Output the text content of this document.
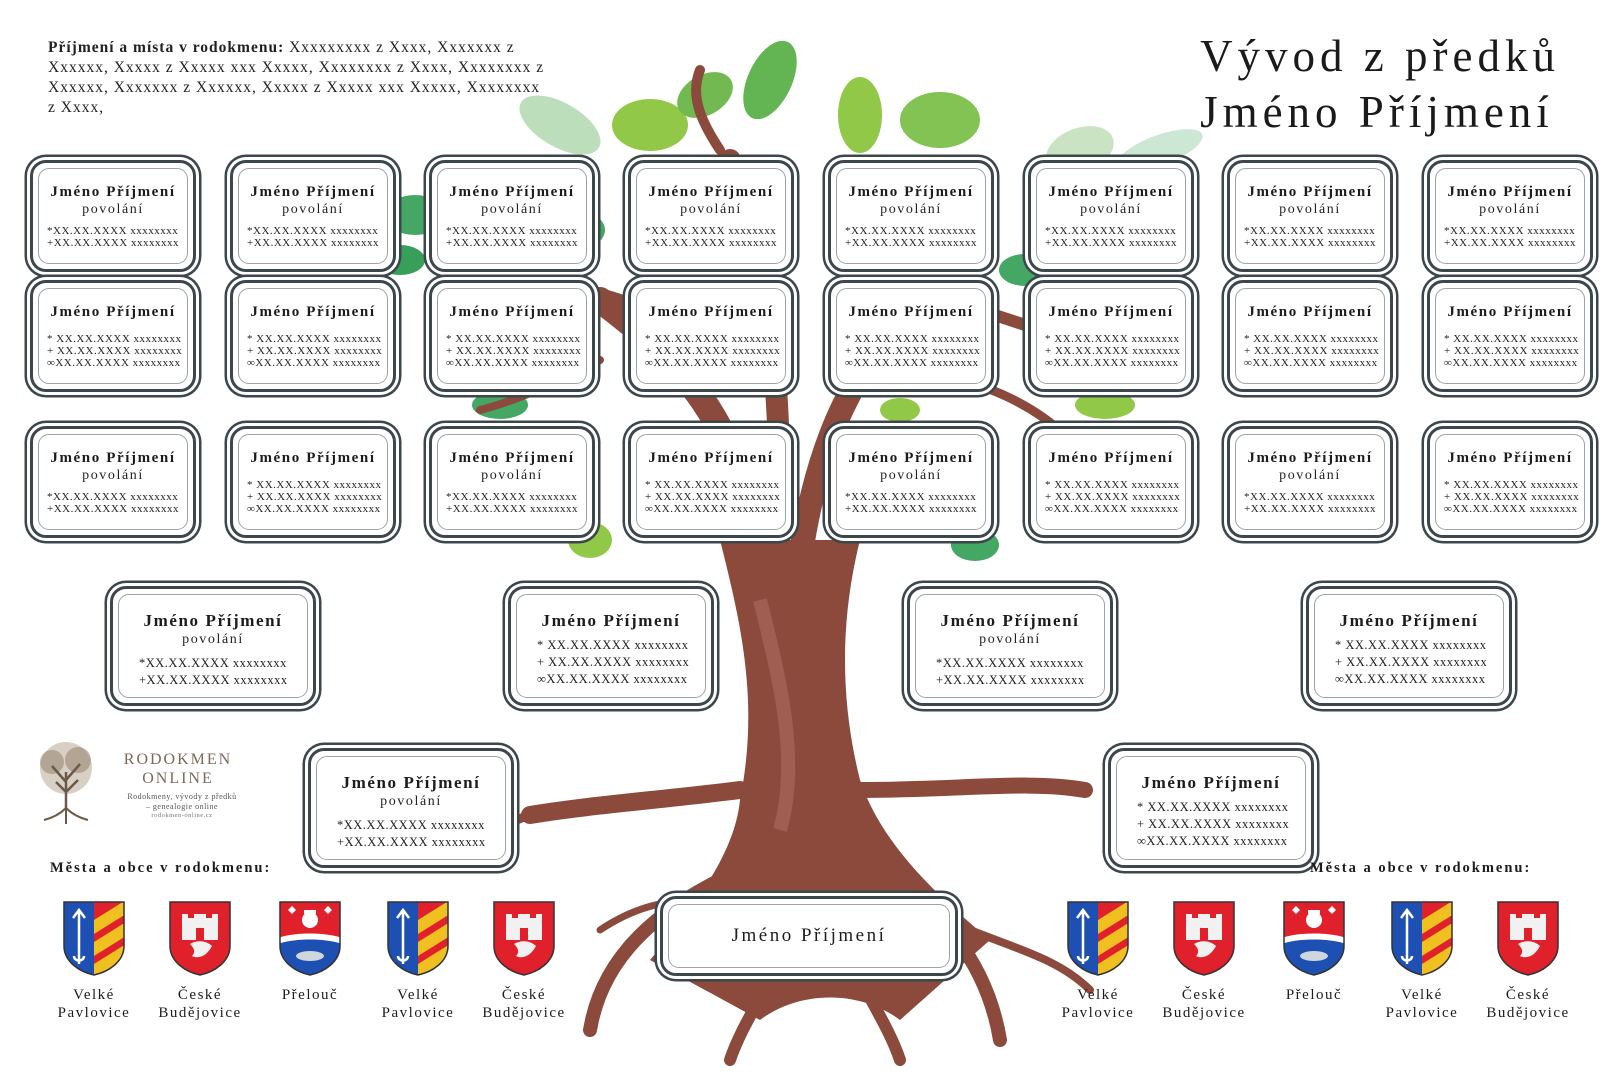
Vývod z předků
Jméno Příjmení
Příjmení a místa v rodokmenu: Xxxxxxxxx z Xxxx, Xxxxxxx z Xxxxxx, Xxxxx z Xxxxx xxx Xxxxx, Xxxxxxxx z Xxxx, Xxxxxxxx z Xxxxxx, Xxxxxxx z Xxxxxx, Xxxxx z Xxxxx xxx Xxxxx, Xxxxxxxx z Xxxx,
Jméno Příjmení
povolání
*XX.XX.XXXX xxxxxxxx
+XX.XX.XXXX xxxxxxxx
Jméno Příjmení
povolání
*XX.XX.XXXX xxxxxxxx
+XX.XX.XXXX xxxxxxxx
Jméno Příjmení
povolání
*XX.XX.XXXX xxxxxxxx
+XX.XX.XXXX xxxxxxxx
Jméno Příjmení
povolání
*XX.XX.XXXX xxxxxxxx
+XX.XX.XXXX xxxxxxxx
Jméno Příjmení
povolání
*XX.XX.XXXX xxxxxxxx
+XX.XX.XXXX xxxxxxxx
Jméno Příjmení
povolání
*XX.XX.XXXX xxxxxxxx
+XX.XX.XXXX xxxxxxxx
Jméno Příjmení
povolání
*XX.XX.XXXX xxxxxxxx
+XX.XX.XXXX xxxxxxxx
Jméno Příjmení
povolání
*XX.XX.XXXX xxxxxxxx
+XX.XX.XXXX xxxxxxxx
Jméno Příjmení
* XX.XX.XXXX xxxxxxxx
+ XX.XX.XXXX xxxxxxxx
∞XX.XX.XXXX xxxxxxxx
Jméno Příjmení
* XX.XX.XXXX xxxxxxxx
+ XX.XX.XXXX xxxxxxxx
∞XX.XX.XXXX xxxxxxxx
Jméno Příjmení
* XX.XX.XXXX xxxxxxxx
+ XX.XX.XXXX xxxxxxxx
∞XX.XX.XXXX xxxxxxxx
Jméno Příjmení
* XX.XX.XXXX xxxxxxxx
+ XX.XX.XXXX xxxxxxxx
∞XX.XX.XXXX xxxxxxxx
Jméno Příjmení
* XX.XX.XXXX xxxxxxxx
+ XX.XX.XXXX xxxxxxxx
∞XX.XX.XXXX xxxxxxxx
Jméno Příjmení
* XX.XX.XXXX xxxxxxxx
+ XX.XX.XXXX xxxxxxxx
∞XX.XX.XXXX xxxxxxxx
Jméno Příjmení
* XX.XX.XXXX xxxxxxxx
+ XX.XX.XXXX xxxxxxxx
∞XX.XX.XXXX xxxxxxxx
Jméno Příjmení
* XX.XX.XXXX xxxxxxxx
+ XX.XX.XXXX xxxxxxxx
∞XX.XX.XXXX xxxxxxxx
Jméno Příjmení
povolání
*XX.XX.XXXX xxxxxxxx
+XX.XX.XXXX xxxxxxxx
Jméno Příjmení
* XX.XX.XXXX xxxxxxxx
+ XX.XX.XXXX xxxxxxxx
∞XX.XX.XXXX xxxxxxxx
Jméno Příjmení
povolání
*XX.XX.XXXX xxxxxxxx
+XX.XX.XXXX xxxxxxxx
Jméno Příjmení
* XX.XX.XXXX xxxxxxxx
+ XX.XX.XXXX xxxxxxxx
∞XX.XX.XXXX xxxxxxxx
Jméno Příjmení
povolání
*XX.XX.XXXX xxxxxxxx
+XX.XX.XXXX xxxxxxxx
Jméno Příjmení
* XX.XX.XXXX xxxxxxxx
+ XX.XX.XXXX xxxxxxxx
∞XX.XX.XXXX xxxxxxxx
Jméno Příjmení
povolání
*XX.XX.XXXX xxxxxxxx
+XX.XX.XXXX xxxxxxxx
Jméno Příjmení
* XX.XX.XXXX xxxxxxxx
+ XX.XX.XXXX xxxxxxxx
∞XX.XX.XXXX xxxxxxxx
Jméno Příjmení
povolání
*XX.XX.XXXX xxxxxxxx
+XX.XX.XXXX xxxxxxxx
Jméno Příjmení
* XX.XX.XXXX xxxxxxxx
+ XX.XX.XXXX xxxxxxxx
∞XX.XX.XXXX xxxxxxxx
Jméno Příjmení
povolání
*XX.XX.XXXX xxxxxxxx
+XX.XX.XXXX xxxxxxxx
Jméno Příjmení
* XX.XX.XXXX xxxxxxxx
+ XX.XX.XXXX xxxxxxxx
∞XX.XX.XXXX xxxxxxxx
Jméno Příjmení
povolání
*XX.XX.XXXX xxxxxxxx
+XX.XX.XXXX xxxxxxxx
Jméno Příjmení
* XX.XX.XXXX xxxxxxxx
+ XX.XX.XXXX xxxxxxxx
∞XX.XX.XXXX xxxxxxxx
Jméno Příjmení
RODOKMEN
ONLINE
Rodokmeny, vývody z předků
– genealogie online
rodokmen-online.cz
Města a obce v rodokmenu:	Města a obce v rodokmenu:
Velké
Pavlovice
České
Budějovice
Přelouč	Velké
Pavlovice
České
Budějovice
Velké
Pavlovice
České
Budějovice
Přelouč	Velké
Pavlovice
České
Budějovice
